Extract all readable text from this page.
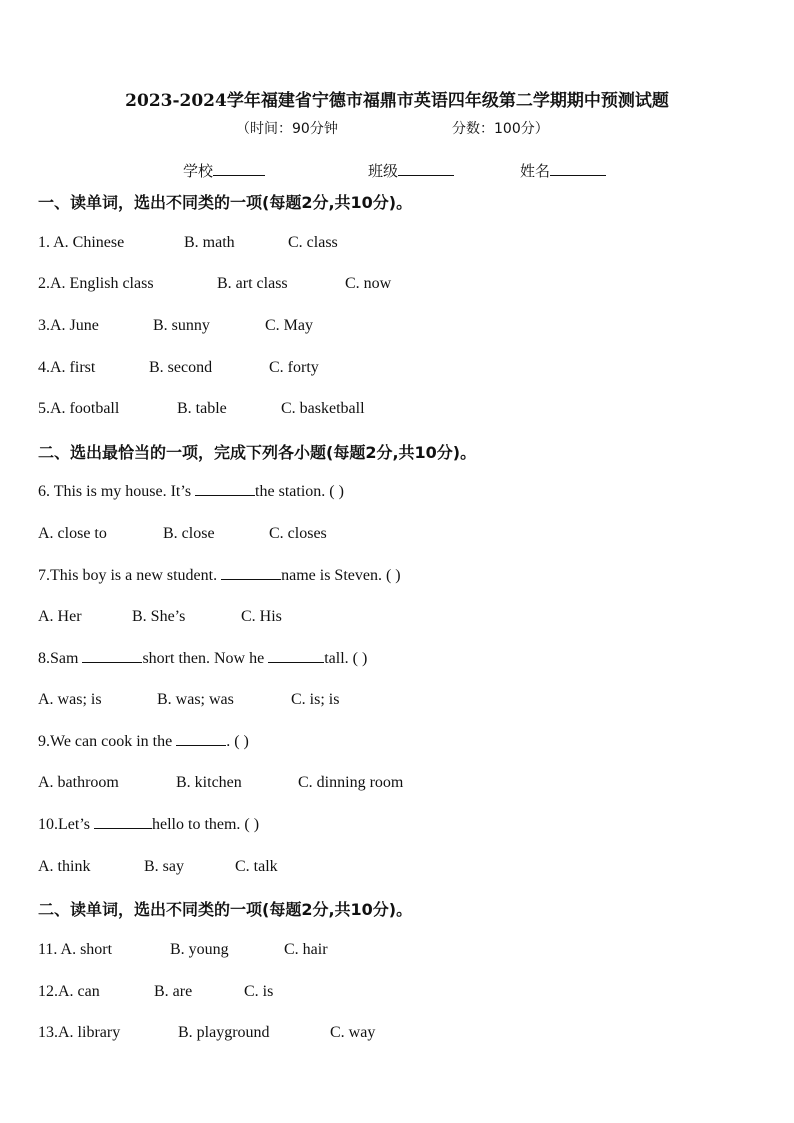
2023-2024学年福建省宁德市福鼎市英语四年级第二学期期中预测试题
（时间：90分钟	分数：100分）
学校	班级	姓名
一、读单词，选出不同类的一项(每题2分,共10分)。
1. A. Chinese	B. math	C. class
2.A. English class	B. art class	C. now
3.A. June	B. sunny	C. May
4.A. first	B. second	C. forty
5.A. football	B. table	C. basketball
二、选出最恰当的一项，完成下列各小题(每题2分,共10分)。
6. This is my house. It’s	the station. ( )
A. close to	B. close	C. closes
7.This boy is a new student.	name is Steven. ( )
A. Her	B. She’s	C. His
8.Sam	short then. Now he	tall. ( )
A. was; is	B. was; was	C. is; is
9.We can cook in the	. ( )
A. bathroom	B. kitchen	C. dinning room
10.Let’s	hello to them. ( )
A. think	B. say	C. talk
二、读单词，选出不同类的一项(每题2分,共10分)。
11. A. short	B. young	C. hair
12.A. can	B. are	C. is
13.A. library	B. playground	C. way
